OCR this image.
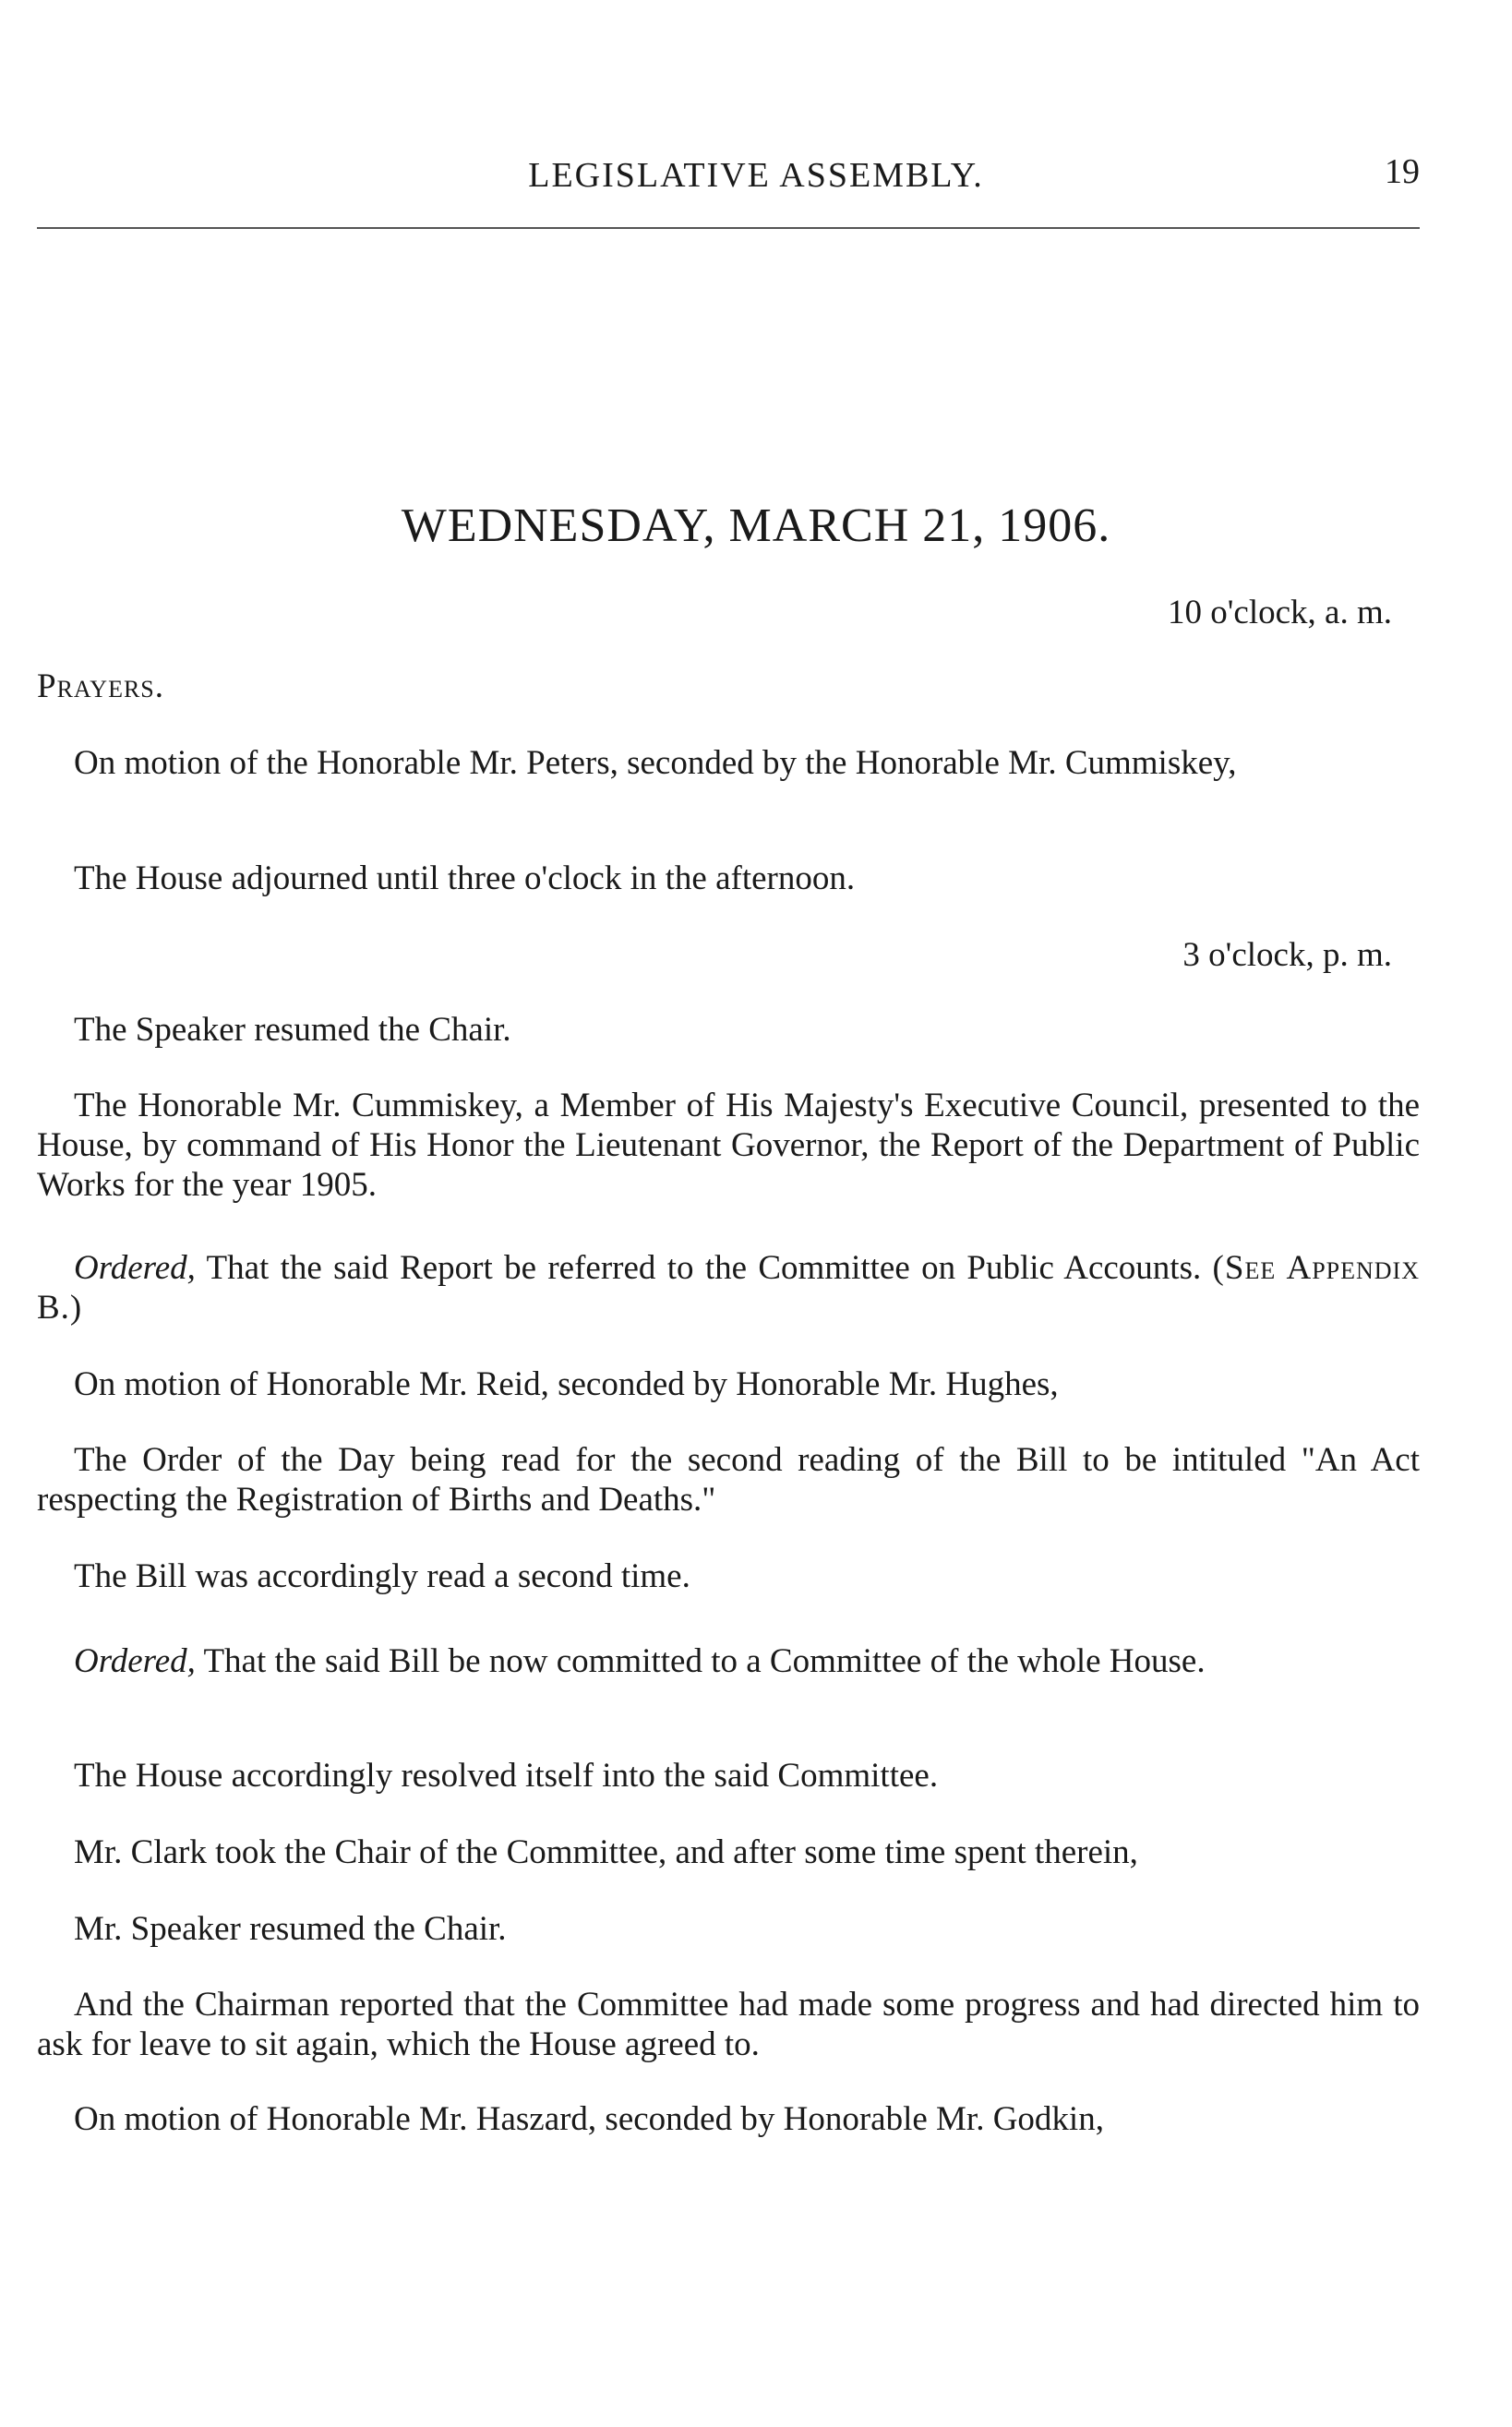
LEGISLATIVE ASSEMBLY.	19
WEDNESDAY, MARCH 21, 1906.
10 o'clock, a. m.
Prayers.
On motion of the Honorable Mr. Peters, seconded by the Honorable Mr. Cummiskey,
The House adjourned until three o'clock in the afternoon.
3 o'clock, p. m.
The Speaker resumed the Chair.
The Honorable Mr. Cummiskey, a Member of His Majesty's Executive Council, presented to the House, by command of His Honor the Lieutenant Governor, the Report of the Department of Public Works for the year 1905.
Ordered, That the said Report be referred to the Committee on Public Accounts. (See Appendix B.)
On motion of Honorable Mr. Reid, seconded by Honorable Mr. Hughes,
The Order of the Day being read for the second reading of the Bill to be intituled "An Act respecting the Registration of Births and Deaths."
The Bill was accordingly read a second time.
Ordered, That the said Bill be now committed to a Committee of the whole House.
The House accordingly resolved itself into the said Committee.
Mr. Clark took the Chair of the Committee, and after some time spent therein,
Mr. Speaker resumed the Chair.
And the Chairman reported that the Committee had made some progress and had directed him to ask for leave to sit again, which the House agreed to.
On motion of Honorable Mr. Haszard, seconded by Honorable Mr. Godkin,
